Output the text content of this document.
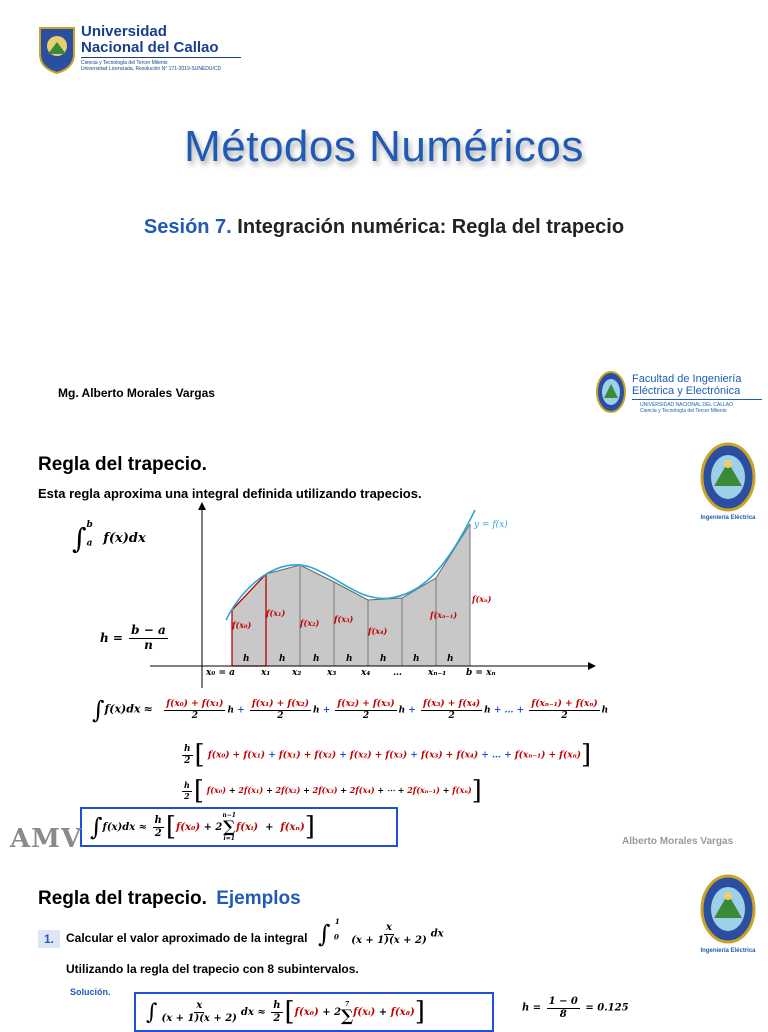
Universidad
Nacional del Callao
Ciencia y Tecnología del Tercer Milenio
Universidad Licenciada, Resolución N° 171-2019-SUNEDU/CD
Métodos Numéricos
Sesión 7. Integración numérica: Regla del trapecio
Mg. Alberto Morales Vargas
Facultad de Ingeniería
Eléctrica y Electrónica
UNIVERSIDAD NACIONAL DEL CALLAO
Ciencia y Tecnología del Tercer Milenio
Regla del trapecio.
Esta regla aproxima una integral definida utilizando trapecios.
Ingeniería Eléctrica
$\int_a^b$ f(x)dx
$h = \frac{b - a}{n}$
y = f(x)
f(x₀)
f(x₁)
f(x₂) f(x₃)
f(x₄)
f(xₙ₋₁)
f(xₙ)
h	h	h	h	h	h	h
x₀ = a	x₁ x₂	x₃	x₄	…	xₙ₋₁ b = xₙ
$\int f(x)dx \approx \frac{\text{f(x₀) + f(x₁)}}{2}$ $h + \frac{\text{f(x₁) + f(x₂)}}{2}$ $h + \frac{\text{f(x₂) + f(x₃)}}{2}$ $h + \frac{\text{f(x₃) + f(x₄)}}{2}$ h + … + $\frac{\text{f(xₙ₋₁) + f(xₙ)}}{2}$ h
$\frac{h}{2}$ [ f(x₀) + f(x₁) + f(x₁) + f(x₂) + f(x₂) + f(x₃) + f(x₃) + f(x₄) + … + f(xₙ₋₁) + f(xₙ)]
$\frac{h}{2}$ [ f(x₀) + 2f(x₁) + 2f(x₂) + 2f(x₃) + 2f(x₄) + ⋯ + 2f(xₙ₋₁) + f(xₙ)]
∫ $f(x)dx \approx \frac{h}{2}$ [ f(x₀) + 2
n−1
∑
i=1
f(xᵢ) + f(xₙ) ]
AMV	Alberto Morales Vargas
Regla del trapecio. Ejemplos
Ingeniería Eléctrica
1.	Calcular el valor aproximado de la integral ∫ $_0^1$
$\frac{x}{(x + 1)(x + 2)}$ dx
Utilizando la regla del trapecio con 8 subintervalos.
Solución.
∫ $\frac{x}{(x + 1)(x + 2)}$ dx ≈ $\frac{h}{2}$ [ f(x₀) + 2
7
∑ f(xᵢ) + f(x₈) ]	$h = \frac{1 - 0}{8} = 0.125$
